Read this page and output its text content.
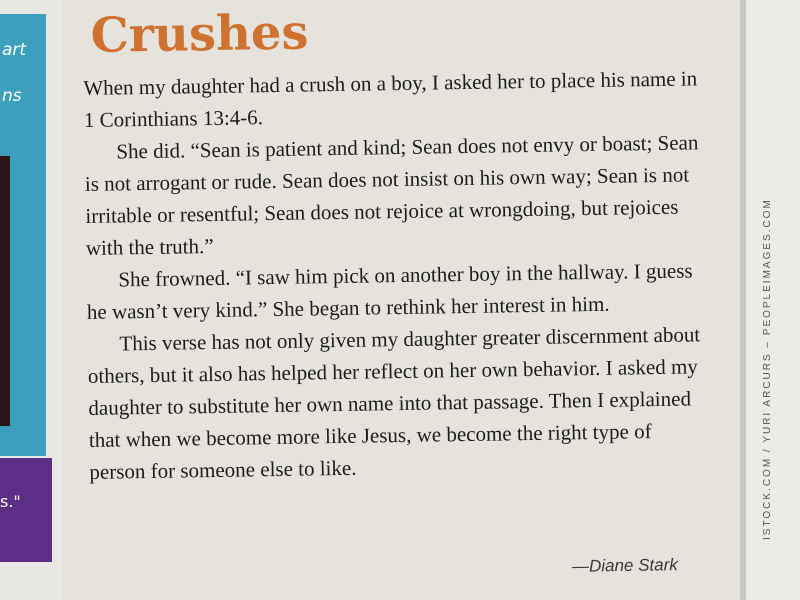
art
ns
s."
Crushes

When my daughter had a crush on a boy, I asked her to place his name in 1 Corinthians 13:4-6.

She did. “Sean is patient and kind; Sean does not envy or boast; Sean is not arrogant or rude. Sean does not insist on his own way; Sean is not irritable or resentful; Sean does not rejoice at wrongdoing, but rejoices with the truth.”

She frowned. “I saw him pick on another boy in the hallway. I guess he wasn’t very kind.” She began to rethink her interest in him.

This verse has not only given my daughter greater discernment about others, but it also has helped her reflect on her own behavior. I asked my daughter to substitute her own name into that passage. Then I explained that when we become more like Jesus, we become the right type of person for someone else to like.

—Diane Stark
ISTOCK.COM / YURI ARCURS – PEOPLEIMAGES.COM
